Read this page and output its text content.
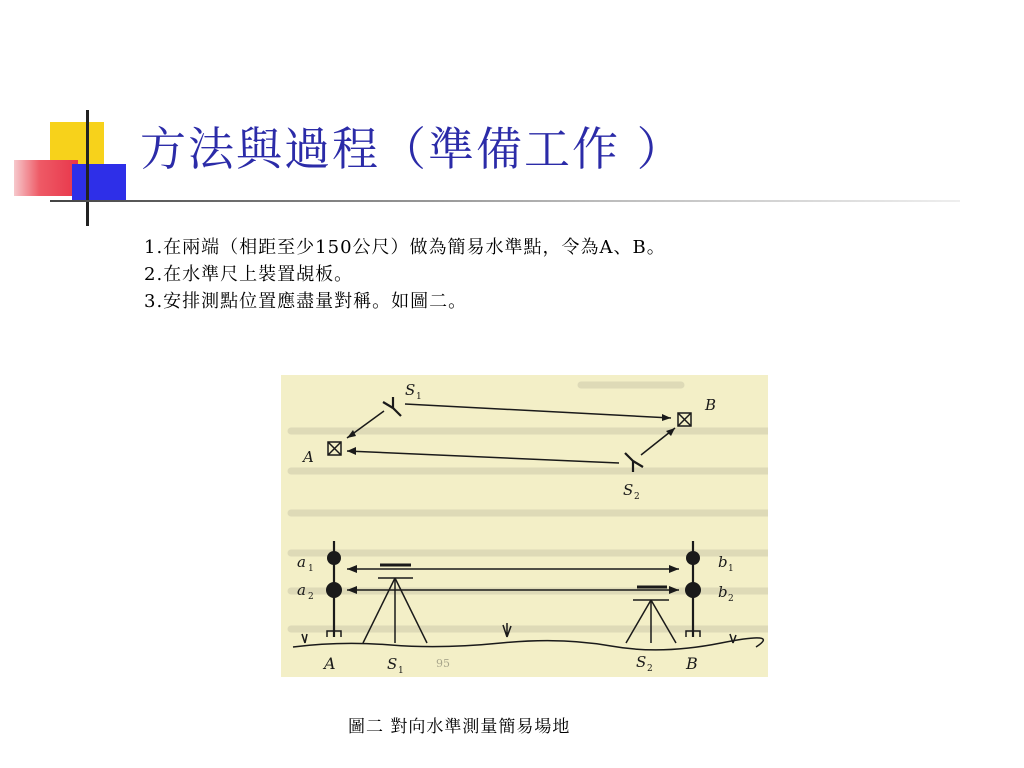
方法與過程（準備工作 ）
1.在兩端（相距至少150公尺）做為簡易水準點，令為A、B。
2.在水準尺上裝置覘板。
3.安排測點位置應盡量對稱。如圖二。
S 1	B
A
S 2
a 1
a 2
b 1
b 2
A	S 1	S 2 B
95
圖二 對向水準測量簡易場地
